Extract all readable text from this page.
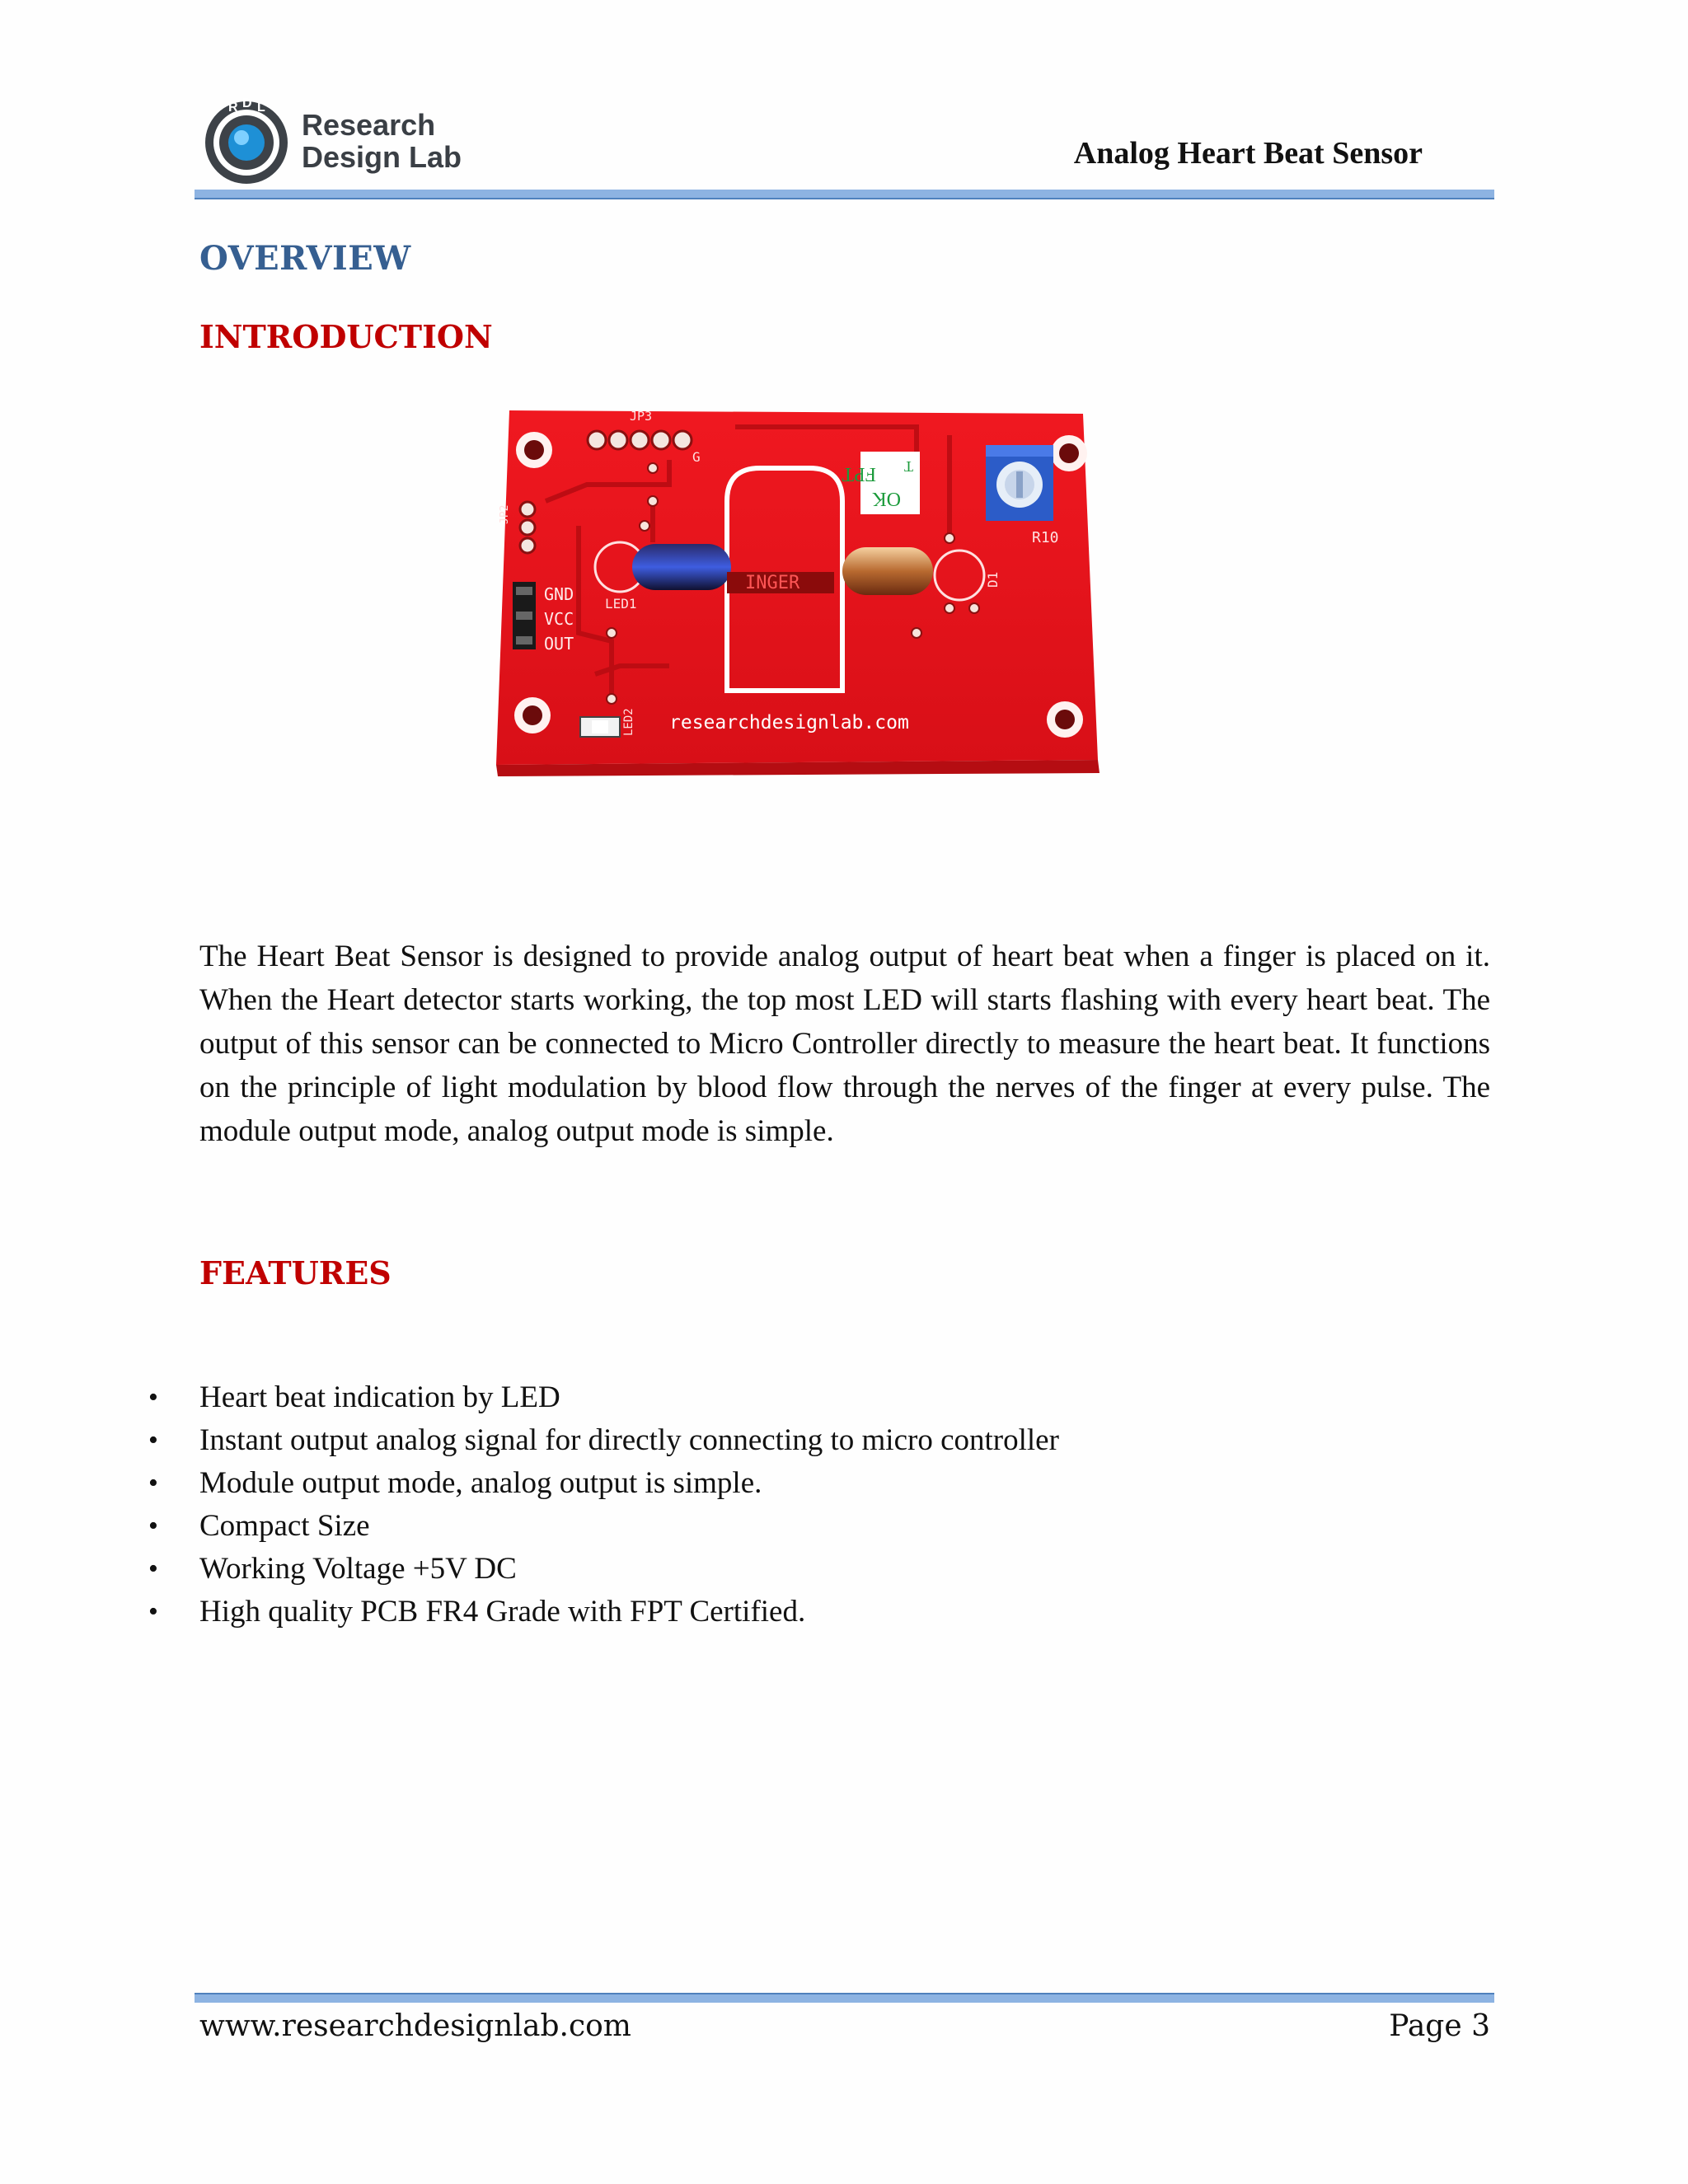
R D L
Research
Design Lab	Analog Heart Beat Sensor
OVERVIEW
INTRODUCTION
JP3
G
JP2
GND
VCC
OUT
LED1
D1
INGER
T
FPT
OK
R10
LED2 researchdesignlab.com
The Heart Beat Sensor is designed to provide analog output of heart beat when a finger is placed on it. When the Heart detector starts working, the top most LED will starts flashing with every heart beat. The output of this sensor can be connected to Micro Controller directly to measure the heart beat. It functions on the principle of light modulation by blood flow through the nerves of the finger at every pulse. The module output mode, analog output mode is simple.
FEATURES
• Heart beat indication by LED
• Instant output analog signal for directly connecting to micro controller
• Module output mode, analog output is simple.
• Compact Size
• Working Voltage +5V DC
• High quality PCB FR4 Grade with FPT Certified.
www.researchdesignlab.com	Page 3
